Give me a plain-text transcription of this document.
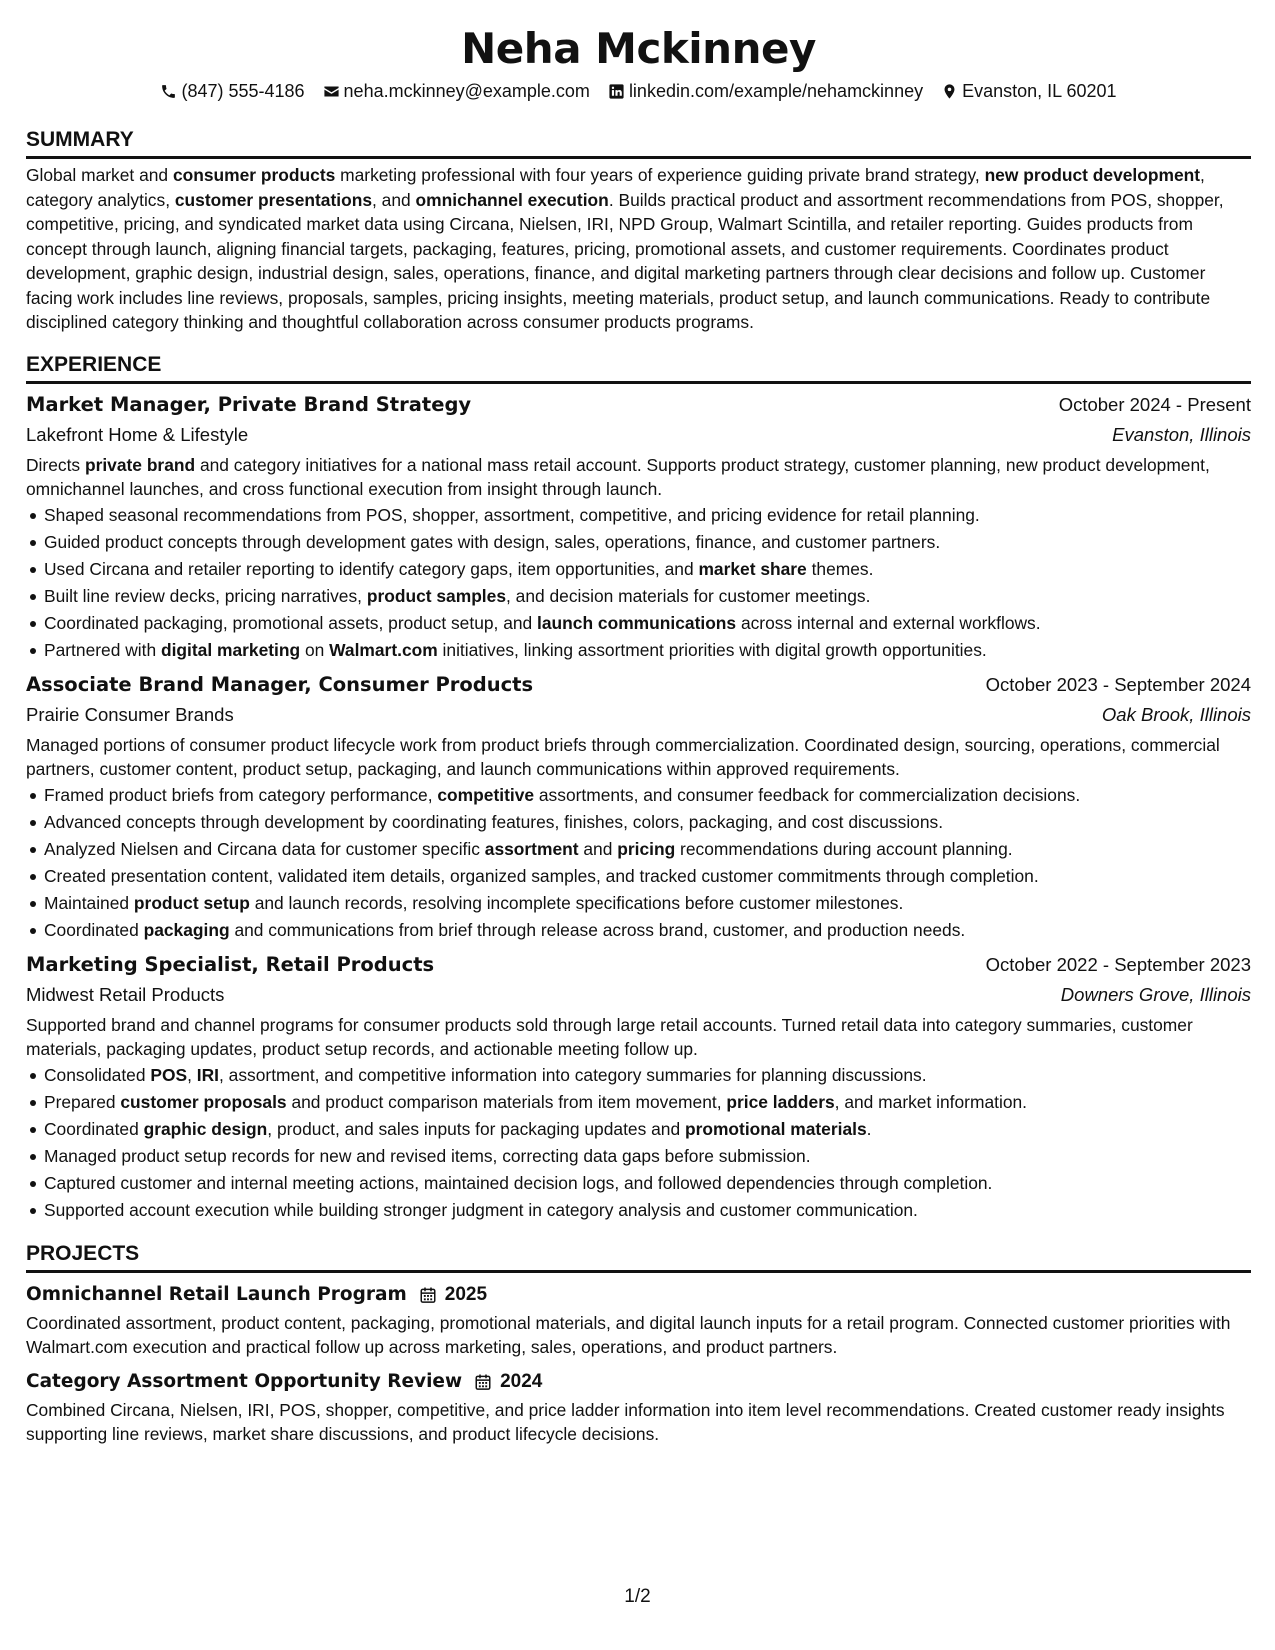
Neha Mckinney
(847) 555-4186 neha.mckinney@example.com linkedin.com/example/nehamckinney Evanston, IL 60201
SUMMARY

Global market and consumer products marketing professional with four years of experience guiding private brand strategy, new product development, category analytics, customer presentations, and omnichannel execution. Builds practical product and assortment recommendations from POS, shopper, competitive, pricing, and syndicated market data using Circana, Nielsen, IRI, NPD Group, Walmart Scintilla, and retailer reporting. Guides products from concept through launch, aligning financial targets, packaging, features, pricing, promotional assets, and customer requirements. Coordinates product development, graphic design, industrial design, sales, operations, finance, and digital marketing partners through clear decisions and follow up. Customer facing work includes line reviews, proposals, samples, pricing insights, meeting materials, product setup, and launch communications. Ready to contribute disciplined category thinking and thoughtful collaboration across consumer products programs.

EXPERIENCE
Market Manager, Private Brand Strategy	October 2024 - Present
Lakefront Home & Lifestyle	Evanston, Illinois

Directs private brand and category initiatives for a national mass retail account. Supports product strategy, customer planning, new product development, omnichannel launches, and cross functional execution from insight through launch.

Shaped seasonal recommendations from POS, shopper, assortment, competitive, and pricing evidence for retail planning.
Guided product concepts through development gates with design, sales, operations, finance, and customer partners.
Used Circana and retailer reporting to identify category gaps, item opportunities, and market share themes.
Built line review decks, pricing narratives, product samples, and decision materials for customer meetings.
Coordinated packaging, promotional assets, product setup, and launch communications across internal and external workflows.
Partnered with digital marketing on Walmart.com initiatives, linking assortment priorities with digital growth opportunities.
Associate Brand Manager, Consumer Products	October 2023 - September 2024
Prairie Consumer Brands	Oak Brook, Illinois

Managed portions of consumer product lifecycle work from product briefs through commercialization. Coordinated design, sourcing, operations, commercial partners, customer content, product setup, packaging, and launch communications within approved requirements.

Framed product briefs from category performance, competitive assortments, and consumer feedback for commercialization decisions.
Advanced concepts through development by coordinating features, finishes, colors, packaging, and cost discussions.
Analyzed Nielsen and Circana data for customer specific assortment and pricing recommendations during account planning.
Created presentation content, validated item details, organized samples, and tracked customer commitments through completion.
Maintained product setup and launch records, resolving incomplete specifications before customer milestones.
Coordinated packaging and communications from brief through release across brand, customer, and production needs.
Marketing Specialist, Retail Products	October 2022 - September 2023
Midwest Retail Products	Downers Grove, Illinois

Supported brand and channel programs for consumer products sold through large retail accounts. Turned retail data into category summaries, customer materials, packaging updates, product setup records, and actionable meeting follow up.

Consolidated POS, IRI, assortment, and competitive information into category summaries for planning discussions.
Prepared customer proposals and product comparison materials from item movement, price ladders, and market information.
Coordinated graphic design, product, and sales inputs for packaging updates and promotional materials.
Managed product setup records for new and revised items, correcting data gaps before submission.
Captured customer and internal meeting actions, maintained decision logs, and followed dependencies through completion.
Supported account execution while building stronger judgment in category analysis and customer communication.
PROJECTS
Omnichannel Retail Launch Program 2025

Coordinated assortment, product content, packaging, promotional materials, and digital launch inputs for a retail program. Connected customer priorities with Walmart.com execution and practical follow up across marketing, sales, operations, and product partners.

Category Assortment Opportunity Review 2024

Combined Circana, Nielsen, IRI, POS, shopper, competitive, and price ladder information into item level recommendations. Created customer ready insights supporting line reviews, market share discussions, and product lifecycle decisions.

1/2
